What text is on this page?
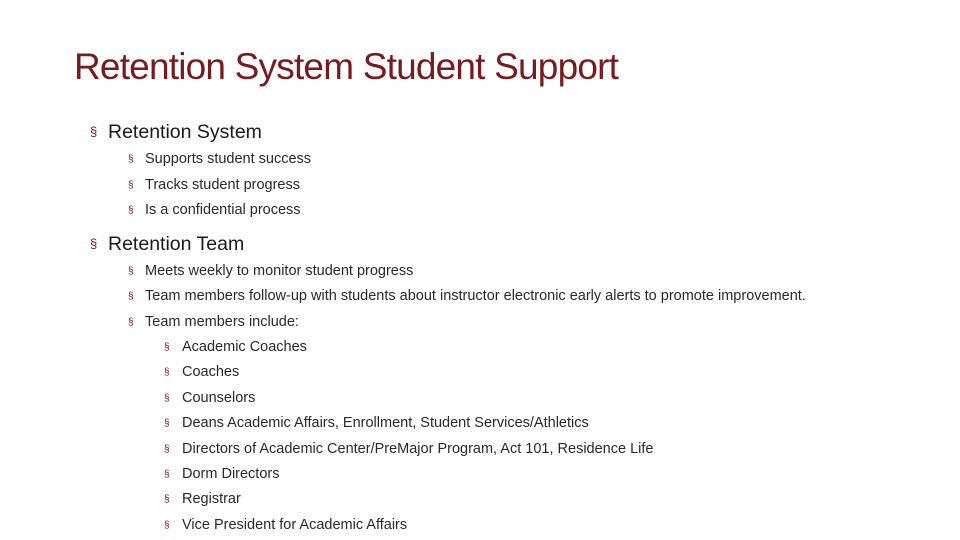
Retention System Student Support
§ Retention System
§ Supports student success
§ Tracks student progress
§ Is a confidential process
§ Retention Team
§ Meets weekly to monitor student progress
§ Team members follow-up with students about instructor electronic early alerts to promote improvement.
§ Team members include:
§ Academic Coaches
§ Coaches
§ Counselors
§ Deans Academic Affairs, Enrollment, Student Services/Athletics
§ Directors of Academic Center/PreMajor Program, Act 101, Residence Life
§ Dorm Directors
§ Registrar
§ Vice President for Academic Affairs
